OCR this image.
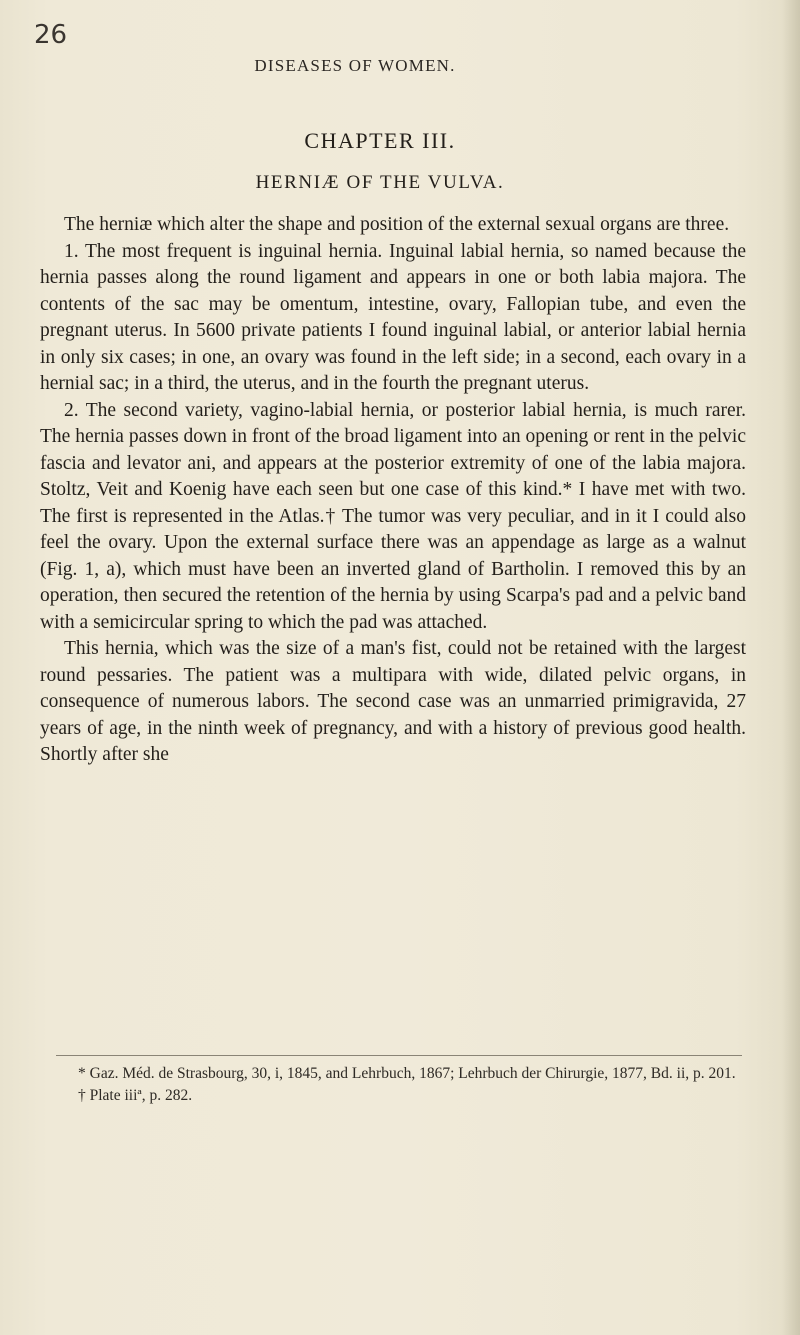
26
DISEASES OF WOMEN.
CHAPTER III.
HERNIÆ OF THE VULVA.

The herniæ which alter the shape and position of the external sexual organs are three.

1. The most frequent is inguinal hernia. Inguinal labial hernia, so named because the hernia passes along the round ligament and appears in one or both labia majora. The contents of the sac may be omentum, intestine, ovary, Fallopian tube, and even the pregnant uterus. In 5600 private patients I found inguinal labial, or anterior labial hernia in only six cases; in one, an ovary was found in the left side; in a second, each ovary in a hernial sac; in a third, the uterus, and in the fourth the pregnant uterus.

2. The second variety, vagino-labial hernia, or posterior labial hernia, is much rarer. The hernia passes down in front of the broad ligament into an opening or rent in the pelvic fascia and levator ani, and appears at the posterior extremity of one of the labia majora. Stoltz, Veit and Koenig have each seen but one case of this kind.* I have met with two. The first is represented in the Atlas.† The tumor was very peculiar, and in it I could also feel the ovary. Upon the external surface there was an appendage as large as a walnut (Fig. 1, a), which must have been an inverted gland of Bartholin. I removed this by an operation, then secured the retention of the hernia by using Scarpa's pad and a pelvic band with a semicircular spring to which the pad was attached.

This hernia, which was the size of a man's fist, could not be retained with the largest round pessaries. The patient was a multipara with wide, dilated pelvic organs, in consequence of numerous labors. The second case was an unmarried primigravida, 27 years of age, in the ninth week of pregnancy, and with a history of previous good health. Shortly after she

* Gaz. Méd. de Strasbourg, 30, i, 1845, and Lehrbuch, 1867; Lehrbuch der Chirurgie, 1877, Bd. ii, p. 201.

† Plate iiiª, p. 282.
